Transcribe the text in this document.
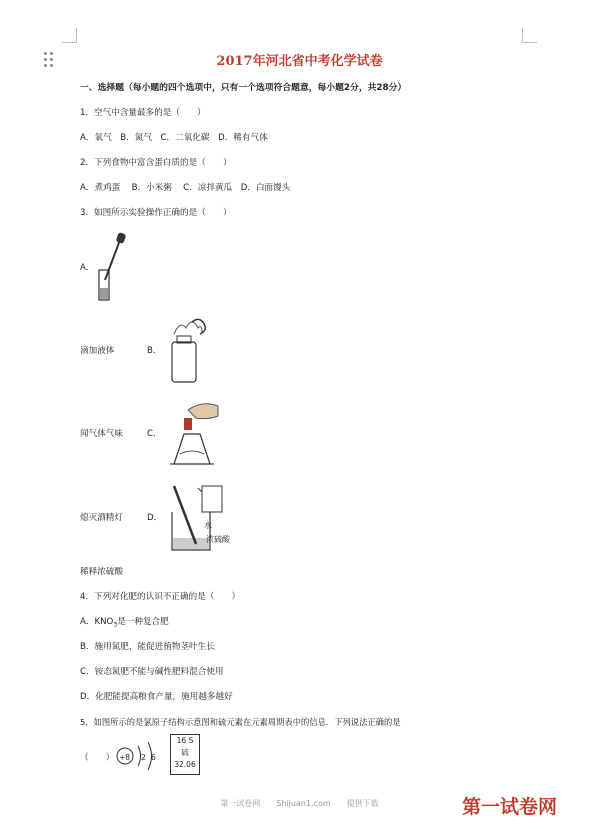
2017年河北省中考化学试卷
一、选择题（每小题的四个选项中，只有一个选项符合题意，每小题2分，共28分）
1．空气中含量最多的是（　　）
A．氧气　B．氮气　C．二氧化碳　D．稀有气体
2．下列食物中富含蛋白质的是（　　）
A．煮鸡蛋　 B．小米粥　 C．凉拌黄瓜　D．白面馒头
3．如图所示实验操作正确的是（　　）
A．
滴加液体	B．
闻气体气味	C．
熄灭酒精灯	D．
水
浓硫酸
稀释浓硫酸
4．下列对化肥的认识不正确的是（　　）
A．$KNO_3$是一种复合肥
B．施用氮肥，能促进植物茎叶生长
C．铵态氮肥不能与碱性肥料混合使用
D．化肥能提高粮食产量，施用越多越好
5．如图所示的是氯原子结构示意图和硫元素在元素周期表中的信息．下列说法正确的是
（　　） +8 2 6
16 S
硫
32.06
第一试卷网　　Shijuan1.com　　提供下载	第一试卷网
